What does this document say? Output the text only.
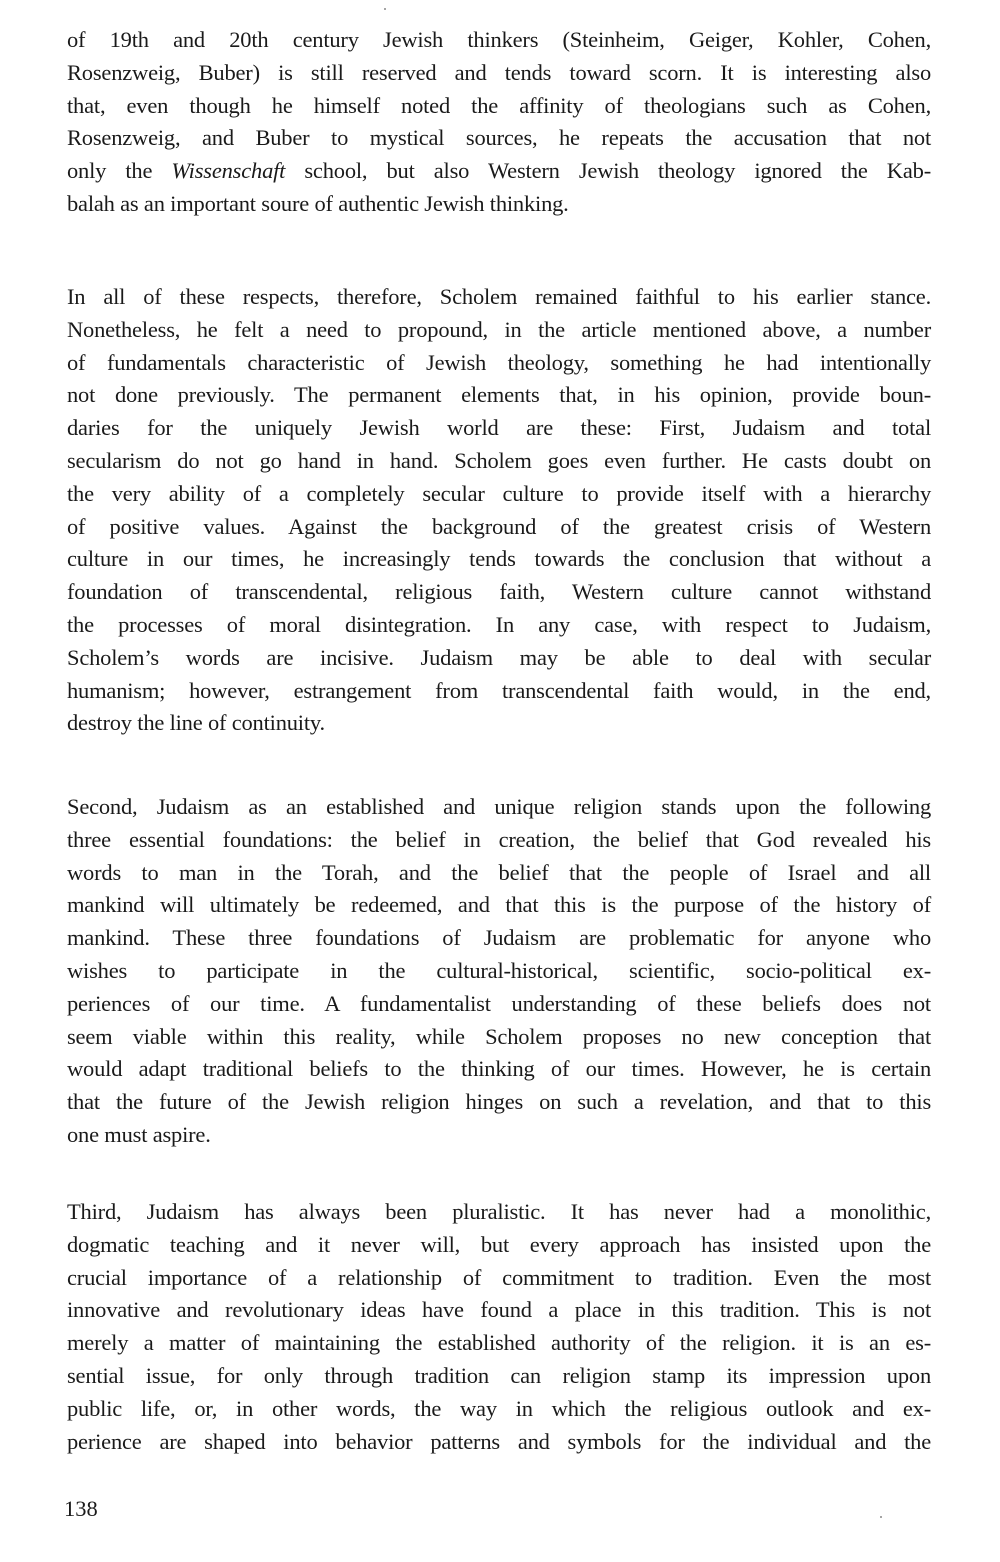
of 19th and 20th century Jewish thinkers (Steinheim, Geiger, Kohler, Cohen,
Rosenzweig, Buber) is still reserved and tends toward scorn. It is interesting also
that, even though he himself noted the affinity of theologians such as Cohen,
Rosenzweig, and Buber to mystical sources, he repeats the accusation that not
only the Wissenschaft school, but also Western Jewish theology ignored the Kab-
balah as an important soure of authentic Jewish thinking.
In all of these respects, therefore, Scholem remained faithful to his earlier stance.
Nonetheless, he felt a need to propound, in the article mentioned above, a number
of fundamentals characteristic of Jewish theology, something he had intentionally
not done previously. The permanent elements that, in his opinion, provide boun-
daries for the uniquely Jewish world are these: First, Judaism and total
secularism do not go hand in hand. Scholem goes even further. He casts doubt on
the very ability of a completely secular culture to provide itself with a hierarchy
of positive values. Against the background of the greatest crisis of Western
culture in our times, he increasingly tends towards the conclusion that without a
foundation of transcendental, religious faith, Western culture cannot withstand
the processes of moral disintegration. In any case, with respect to Judaism,
Scholem’s words are incisive. Judaism may be able to deal with secular
humanism; however, estrangement from transcendental faith would, in the end,
destroy the line of continuity.
Second, Judaism as an established and unique religion stands upon the following
three essential foundations: the belief in creation, the belief that God revealed his
words to man in the Torah, and the belief that the people of Israel and all
mankind will ultimately be redeemed, and that this is the purpose of the history of
mankind. These three foundations of Judaism are problematic for anyone who
wishes to participate in the cultural-historical, scientific, socio-political ex-
periences of our time. A fundamentalist understanding of these beliefs does not
seem viable within this reality, while Scholem proposes no new conception that
would adapt traditional beliefs to the thinking of our times. However, he is certain
that the future of the Jewish religion hinges on such a revelation, and that to this
one must aspire.
Third, Judaism has always been pluralistic. It has never had a monolithic,
dogmatic teaching and it never will, but every approach has insisted upon the
crucial importance of a relationship of commitment to tradition. Even the most
innovative and revolutionary ideas have found a place in this tradition. This is not
merely a matter of maintaining the established authority of the religion. it is an es-
sential issue, for only through tradition can religion stamp its impression upon
public life, or, in other words, the way in which the religious outlook and ex-
perience are shaped into behavior patterns and symbols for the individual and the
138
